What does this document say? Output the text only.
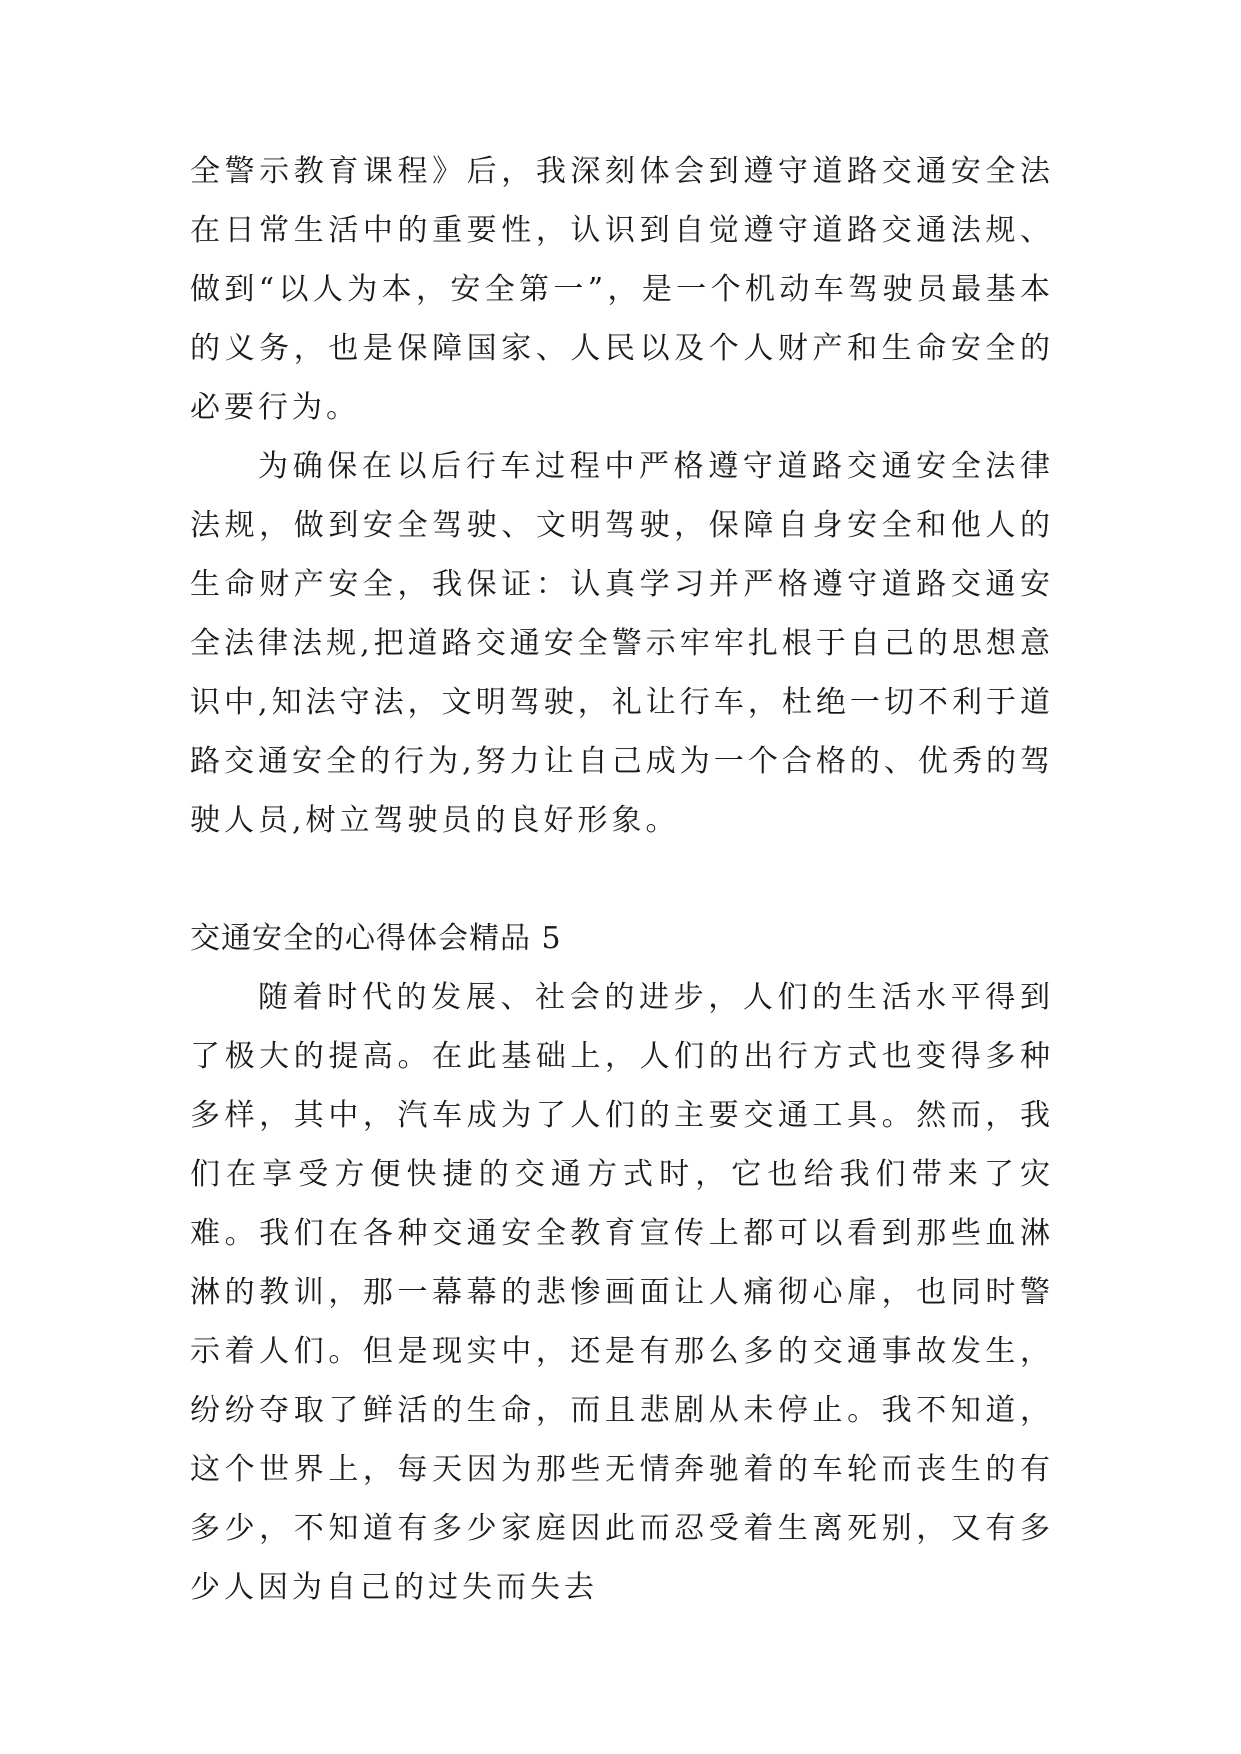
全警示教育课程》后，我深刻体会到遵守道路交通安全法在日常生活中的重要性，认识到自觉遵守道路交通法规、做到“以人为本，安全第一”，是一个机动车驾驶员最基本的义务，也是保障国家、人民以及个人财产和生命安全的必要行为。

为确保在以后行车过程中严格遵守道路交通安全法律法规，做到安全驾驶、文明驾驶，保障自身安全和他人的生命财产安全，我保证：认真学习并严格遵守道路交通安全法律法规,把道路交通安全警示牢牢扎根于自己的思想意识中,知法守法，文明驾驶，礼让行车，杜绝一切不利于道路交通安全的行为,努力让自己成为一个合格的、优秀的驾驶人员,树立驾驶员的良好形象。

交通安全的心得体会精品 5

随着时代的发展、社会的进步，人们的生活水平得到了极大的提高。在此基础上，人们的出行方式也变得多种多样，其中，汽车成为了人们的主要交通工具。然而，我们在享受方便快捷的交通方式时，它也给我们带来了灾难。我们在各种交通安全教育宣传上都可以看到那些血淋淋的教训，那一幕幕的悲惨画面让人痛彻心扉，也同时警示着人们。但是现实中，还是有那么多的交通事故发生，纷纷夺取了鲜活的生命，而且悲剧从未停止。我不知道，这个世界上，每天因为那些无情奔驰着的车轮而丧生的有多少，不知道有多少家庭因此而忍受着生离死别，又有多少人因为自己的过失而失去
